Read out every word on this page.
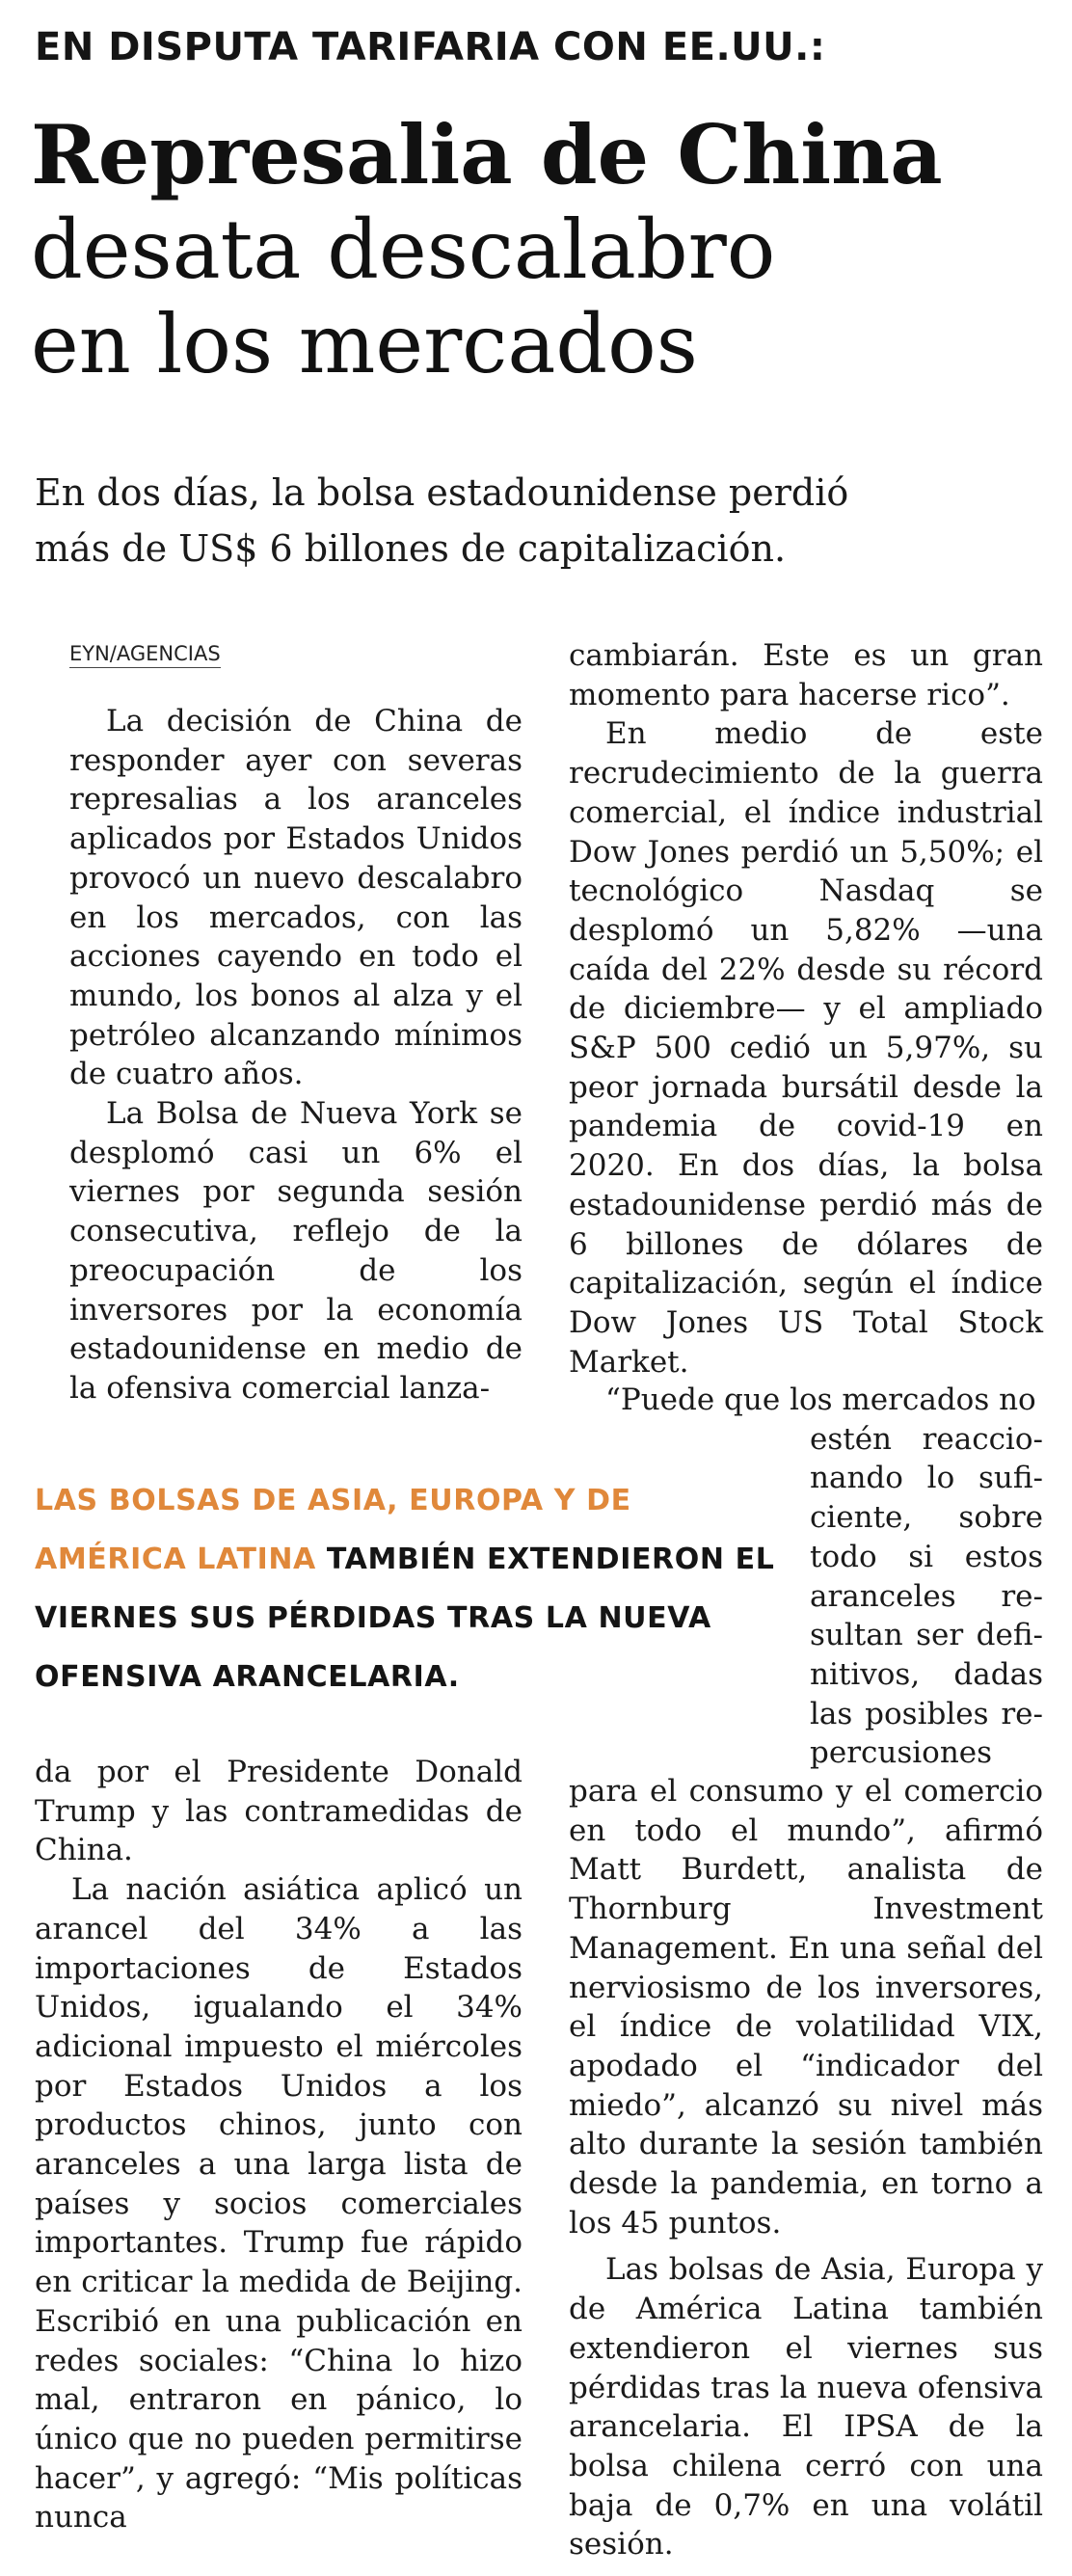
EN DISPUTA TARIFARIA CON EE.UU.:
Represalia de China
desata descalabro
en los mercados
En dos días, la bolsa estadounidense perdió
más de US$ 6 billones de capitalización.
EYN/AGENCIAS

La decisión de China de responder ayer con severas represalias a los aranceles aplicados por Estados Unidos provocó un nuevo descalabro en los mercados, con las acciones cayendo en todo el mundo, los bonos al alza y el petróleo alcanzando mínimos de cuatro años.

La Bolsa de Nueva York se desplomó casi un 6% el viernes por segunda sesión consecutiva, reflejo de la preocupación de los inversores por la economía estadounidense en medio de la ofensiva comercial lanza-

LAS BOLSAS DE ASIA, EUROPA Y DE AMÉRICA LATINA TAMBIÉN EXTENDIERON EL VIERNES SUS PÉRDIDAS TRAS LA NUEVA OFENSIVA ARANCELARIA.

da por el Presidente Donald Trump y las contramedidas de China.

La nación asiática aplicó un arancel del 34% a las importaciones de Estados Unidos, igualando el 34% adicional impuesto el miércoles por Estados Unidos a los productos chinos, junto con aranceles a una larga lista de países y socios comerciales importantes. Trump fue rápido en criticar la medida de Beijing. Escribió en una publicación en redes sociales: “China lo hizo mal, entraron en pánico, lo único que no pueden permitirse hacer”, y agregó: “Mis políticas nunca

cambiarán. Este es un gran momento para hacerse rico”.

En medio de este recrudecimiento de la guerra comercial, el índice industrial Dow Jones perdió un 5,50%; el tecnológico Nasdaq se desplomó un 5,82% —una caída del 22% desde su récord de diciembre— y el ampliado S&P 500 cedió un 5,97%, su peor jornada bursátil desde la pandemia de covid-19 en 2020. En dos días, la bolsa estadounidense perdió más de 6 billones de dólares de capitalización, según el índice Dow Jones US Total Stock Market.

“Puede que los mercados no
estén reaccio-
nando lo sufi-
ciente, sobre
todo si estos
aranceles re-
sultan ser defi-
nitivos, dadas
las posibles re-
percusiones

para el consumo y el comercio en todo el mundo”, afirmó Matt Burdett, analista de Thornburg Investment Management. En una señal del nerviosismo de los inversores, el índice de volatilidad VIX, apodado el “indicador del miedo”, alcanzó su nivel más alto durante la sesión también desde la pandemia, en torno a los 45 puntos.

Las bolsas de Asia, Europa y de América Latina también extendieron el viernes sus pérdidas tras la nueva ofensiva arancelaria. El IPSA de la bolsa chilena cerró con una baja de 0,7% en una volátil sesión.
